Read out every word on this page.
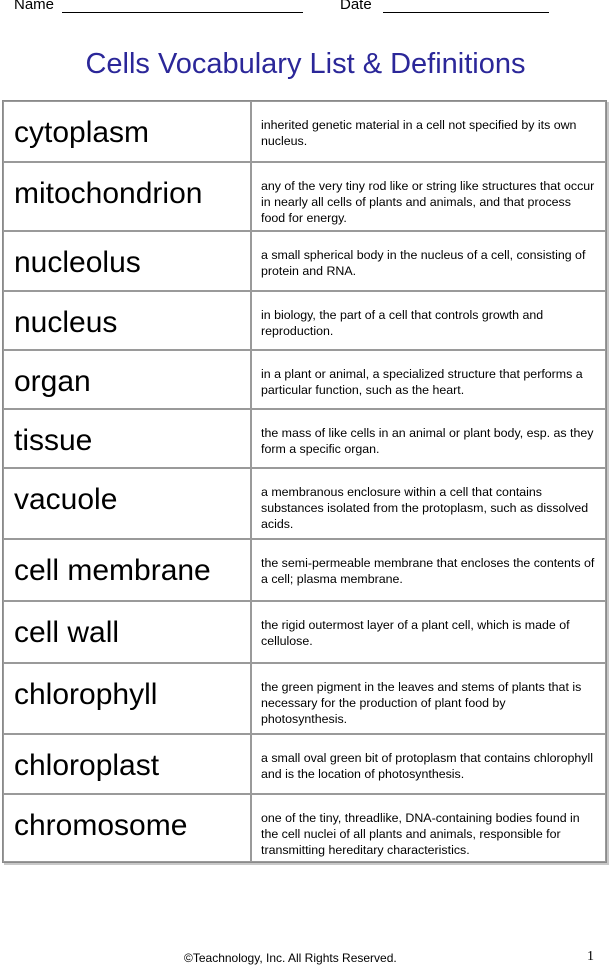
Name	Date
Cells Vocabulary List & Definitions
cytoplasm	inherited genetic material in a cell not specified by its own nucleus.
mitochondrion	any of the very tiny rod like or string like structures that occur in nearly all cells of plants and animals, and that process food for energy.
nucleolus	a small spherical body in the nucleus of a cell, consisting of protein and RNA.
nucleus	in biology, the part of a cell that controls growth and reproduction.
organ	in a plant or animal, a specialized structure that performs a particular function, such as the heart.
tissue	the mass of like cells in an animal or plant body, esp. as they form a specific organ.
vacuole	a membranous enclosure within a cell that contains substances isolated from the protoplasm, such as dissolved acids.
cell membrane	the semi-permeable membrane that encloses the contents of a cell; plasma membrane.
cell wall	the rigid outermost layer of a plant cell, which is made of cellulose.
chlorophyll	the green pigment in the leaves and stems of plants that is necessary for the production of plant food by photosynthesis.
chloroplast	a small oval green bit of protoplasm that contains chlorophyll and is the location of photosynthesis.
chromosome	one of the tiny, threadlike, DNA-containing bodies found in the cell nuclei of all plants and animals, responsible for transmitting hereditary characteristics.
©Teachnology, Inc. All Rights Reserved.	1
